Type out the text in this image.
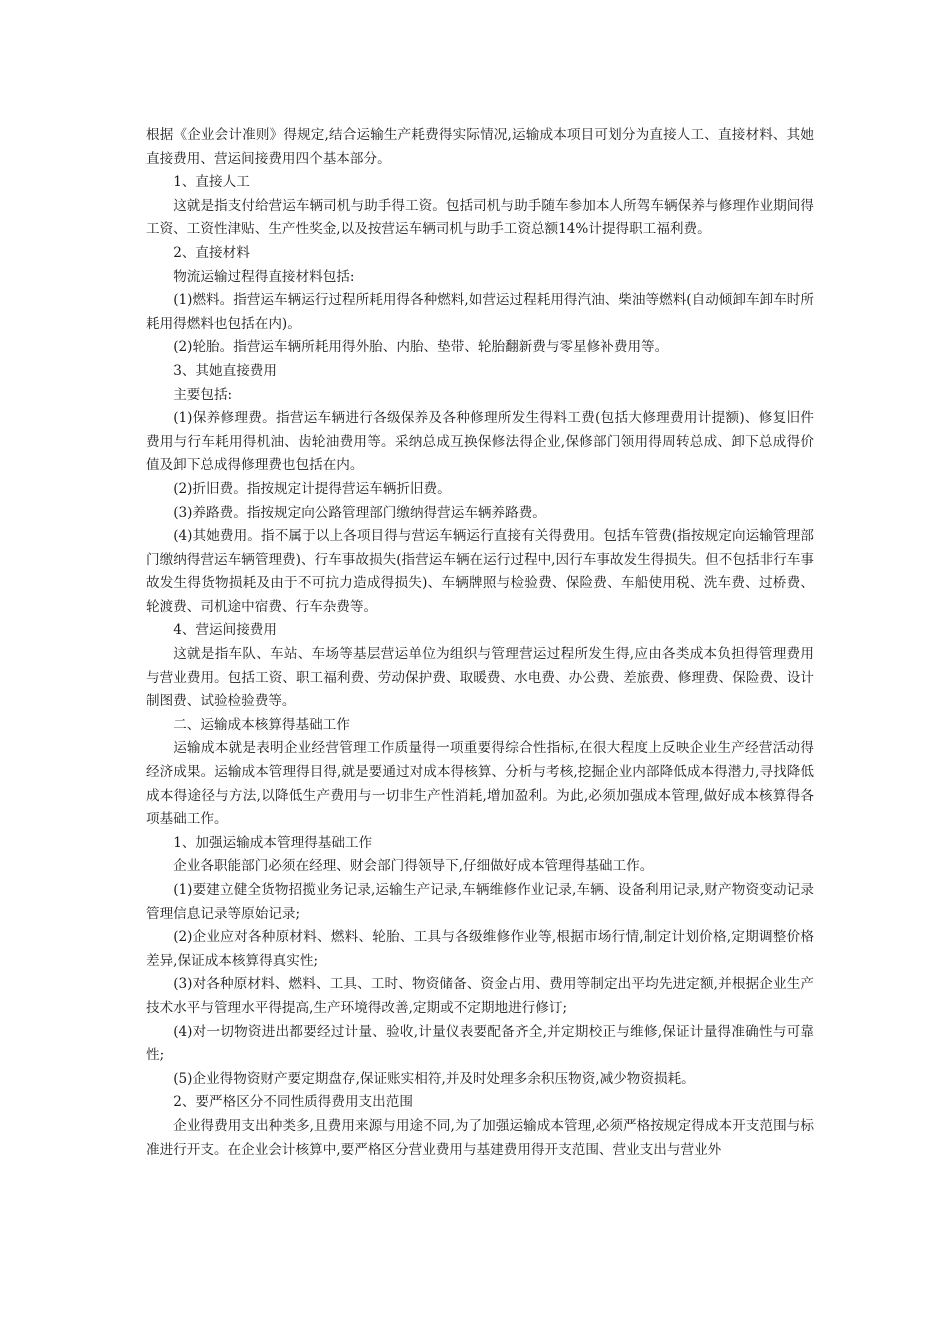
根据《企业会计准则》得规定,结合运输生产耗费得实际情况,运输成本项目可划分为直接人工、直接材料、其她直接费用、营运间接费用四个基本部分。

1、直接人工

这就是指支付给营运车辆司机与助手得工资。包括司机与助手随车参加本人所驾车辆保养与修理作业期间得工资、工资性津贴、生产性奖金,以及按营运车辆司机与助手工资总额14%计提得职工福利费。

2、直接材料

物流运输过程得直接材料包括:

(1)燃料。指营运车辆运行过程所耗用得各种燃料,如营运过程耗用得汽油、柴油等燃料(自动倾卸车卸车时所耗用得燃料也包括在内)。

(2)轮胎。指营运车辆所耗用得外胎、内胎、垫带、轮胎翻新费与零星修补费用等。

3、其她直接费用

主要包括:

(1)保养修理费。指营运车辆进行各级保养及各种修理所发生得料工费(包括大修理费用计提额)、修复旧件费用与行车耗用得机油、齿轮油费用等。采纳总成互换保修法得企业,保修部门领用得周转总成、卸下总成得价值及卸下总成得修理费也包括在内。

(2)折旧费。指按规定计提得营运车辆折旧费。

(3)养路费。指按规定向公路管理部门缴纳得营运车辆养路费。

(4)其她费用。指不属于以上各项目得与营运车辆运行直接有关得费用。包括车管费(指按规定向运输管理部门缴纳得营运车辆管理费)、行车事故损失(指营运车辆在运行过程中,因行车事故发生得损失。但不包括非行车事故发生得货物损耗及由于不可抗力造成得损失)、车辆牌照与检验费、保险费、车船使用税、洗车费、过桥费、轮渡费、司机途中宿费、行车杂费等。

4、营运间接费用

这就是指车队、车站、车场等基层营运单位为组织与管理营运过程所发生得,应由各类成本负担得管理费用与营业费用。包括工资、职工福利费、劳动保护费、取暖费、水电费、办公费、差旅费、修理费、保险费、设计制图费、试验检验费等。

二、运输成本核算得基础工作

运输成本就是表明企业经营管理工作质量得一项重要得综合性指标,在很大程度上反映企业生产经营活动得经济成果。运输成本管理得目得,就是要通过对成本得核算、分析与考核,挖掘企业内部降低成本得潜力,寻找降低成本得途径与方法,以降低生产费用与一切非生产性消耗,增加盈利。为此,必须加强成本管理,做好成本核算得各项基础工作。

1、加强运输成本管理得基础工作

企业各职能部门必须在经理、财会部门得领导下,仔细做好成本管理得基础工作。

(1)要建立健全货物招揽业务记录,运输生产记录,车辆维修作业记录,车辆、设备利用记录,财产物资变动记录管理信息记录等原始记录;

(2)企业应对各种原材料、燃料、轮胎、工具与各级维修作业等,根据市场行情,制定计划价格,定期调整价格差异,保证成本核算得真实性;

(3)对各种原材料、燃料、工具、工时、物资储备、资金占用、费用等制定出平均先进定额,并根据企业生产技术水平与管理水平得提高,生产环境得改善,定期或不定期地进行修订;

(4)对一切物资进出都要经过计量、验收,计量仪表要配备齐全,并定期校正与维修,保证计量得准确性与可靠性;

(5)企业得物资财产要定期盘存,保证账实相符,并及时处理多余积压物资,减少物资损耗。

2、要严格区分不同性质得费用支出范围

企业得费用支出种类多,且费用来源与用途不同,为了加强运输成本管理,必须严格按规定得成本开支范围与标准进行开支。在企业会计核算中,要严格区分营业费用与基建费用得开支范围、营业支出与营业外
